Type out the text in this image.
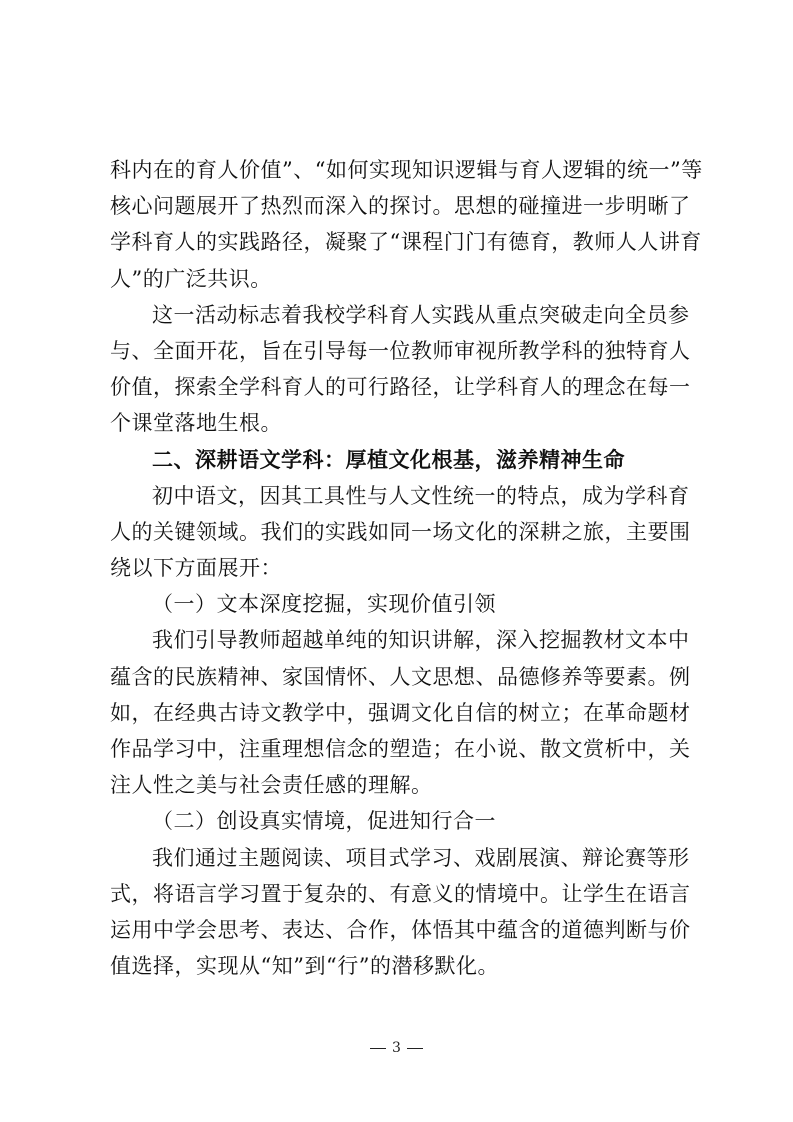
科内在的育人价值”、“如何实现知识逻辑与育人逻辑的统一”等
核心问题展开了热烈而深入的探讨。思想的碰撞进一步明晰了
学科育人的实践路径，凝聚了“课程门门有德育，教师人人讲育
人”的广泛共识。
这一活动标志着我校学科育人实践从重点突破走向全员参
与、全面开花，旨在引导每一位教师审视所教学科的独特育人
价值，探索全学科育人的可行路径，让学科育人的理念在每一
个课堂落地生根。
二、深耕语文学科：厚植文化根基，滋养精神生命
初中语文，因其工具性与人文性统一的特点，成为学科育
人的关键领域。我们的实践如同一场文化的深耕之旅，主要围
绕以下方面展开：
（一）文本深度挖掘，实现价值引领
我们引导教师超越单纯的知识讲解，深入挖掘教材文本中
蕴含的民族精神、家国情怀、人文思想、品德修养等要素。例
如，在经典古诗文教学中，强调文化自信的树立；在革命题材
作品学习中，注重理想信念的塑造；在小说、散文赏析中，关
注人性之美与社会责任感的理解。
（二）创设真实情境，促进知行合一
我们通过主题阅读、项目式学习、戏剧展演、辩论赛等形
式，将语言学习置于复杂的、有意义的情境中。让学生在语言
运用中学会思考、表达、合作，体悟其中蕴含的道德判断与价
值选择，实现从“知”到“行”的潜移默化。
3
